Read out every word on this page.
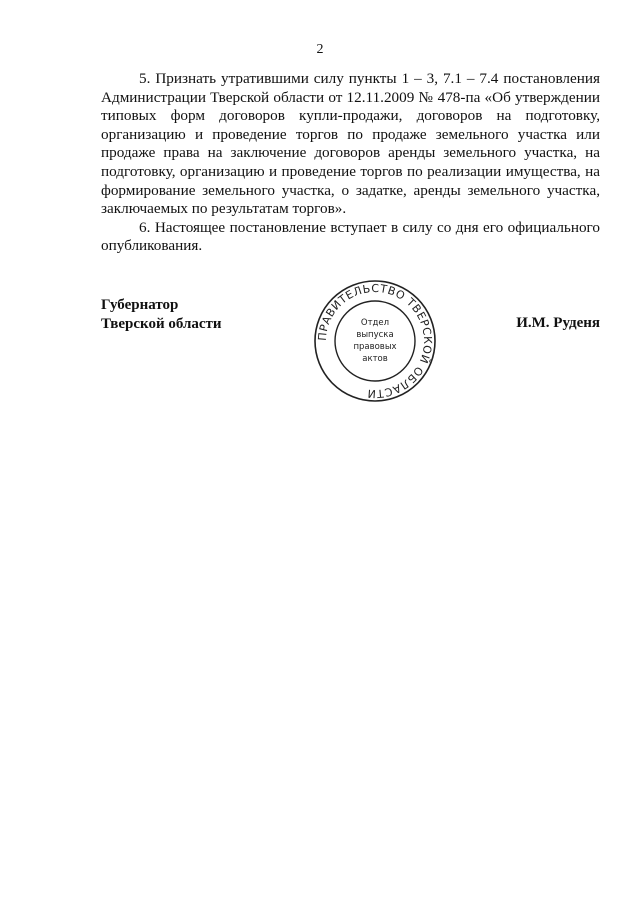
2

5. Признать утратившими силу пункты 1 – 3, 7.1 – 7.4 постановления Администрации Тверской области от 12.11.2009 № 478-па «Об утверждении типовых форм договоров купли-продажи, договоров на подготовку, организацию и проведение торгов по продаже земельного участка или продаже права на заключение договоров аренды земельного участка, на подготовку, организацию и проведение торгов по реализации имущества, на формирование земельного участка, о задатке, аренды земельного участка, заключаемых по результатам торгов».

6. Настоящее постановление вступает в силу со дня его официального опубликования.

Губернатор
Тверской области	И.М. Руденя
ПРАВИТЕЛЬСТВО ТВЕРСКОЙ ОБЛАСТИ
Отдел
выпуска
правовых
актов
